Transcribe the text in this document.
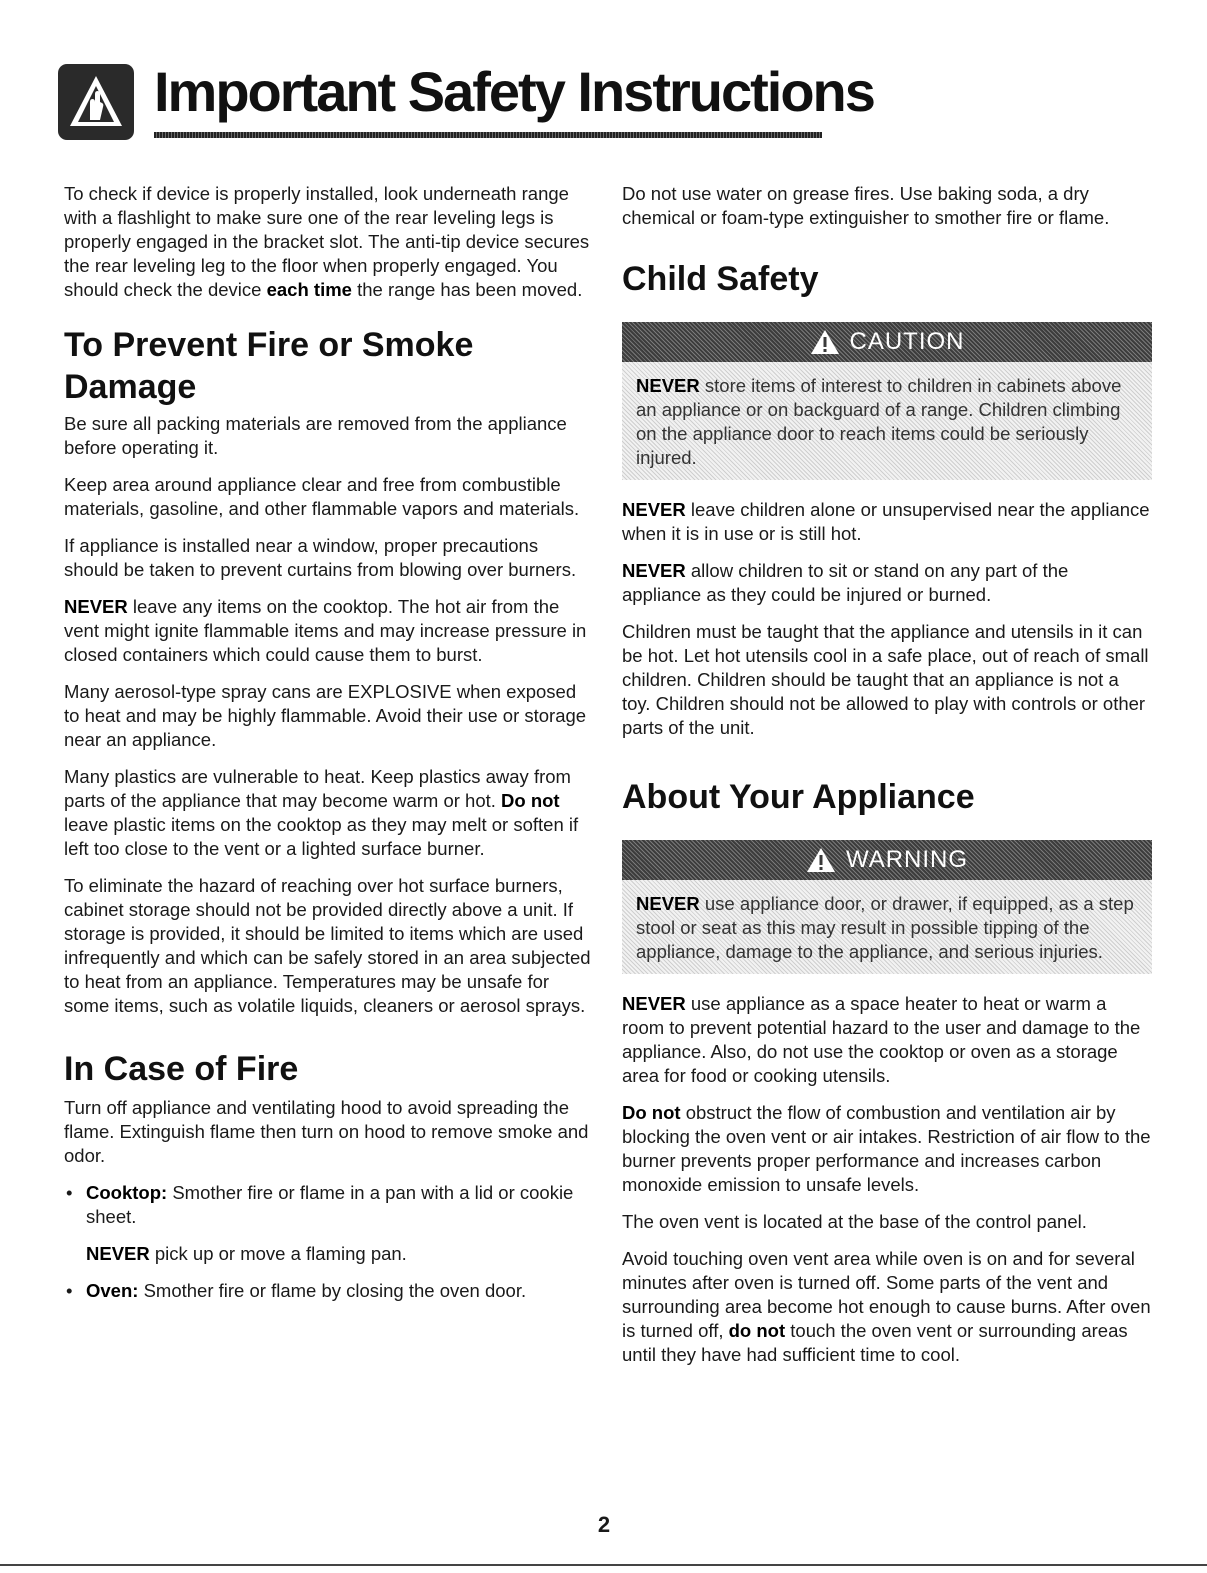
Important Safety Instructions

To check if device is properly installed, look underneath range with a flashlight to make sure one of the rear leveling legs is properly engaged in the bracket slot. The anti-tip device secures the rear leveling leg to the floor when properly engaged. You should check the device each time the range has been moved.

To Prevent Fire or Smoke Damage

Be sure all packing materials are removed from the appliance before operating it.

Keep area around appliance clear and free from combustible materials, gasoline, and other flammable vapors and materials.

If appliance is installed near a window, proper precautions should be taken to prevent curtains from blowing over burners.

NEVER leave any items on the cooktop. The hot air from the vent might ignite flammable items and may increase pressure in closed containers which could cause them to burst.

Many aerosol-type spray cans are EXPLOSIVE when exposed to heat and may be highly flammable. Avoid their use or storage near an appliance.

Many plastics are vulnerable to heat. Keep plastics away from parts of the appliance that may become warm or hot. Do not leave plastic items on the cooktop as they may melt or soften if left too close to the vent or a lighted surface burner.

To eliminate the hazard of reaching over hot surface burners, cabinet storage should not be provided directly above a unit. If storage is provided, it should be limited to items which are used infrequently and which can be safely stored in an area subjected to heat from an appliance. Temperatures may be unsafe for some items, such as volatile liquids, cleaners or aerosol sprays.

In Case of Fire

Turn off appliance and ventilating hood to avoid spreading the flame. Extinguish flame then turn on hood to remove smoke and odor.

• Cooktop: Smother fire or flame in a pan with a lid or cookie sheet.

NEVER pick up or move a flaming pan.

• Oven: Smother fire or flame by closing the oven door.

Do not use water on grease fires. Use baking soda, a dry chemical or foam-type extinguisher to smother fire or flame.

Child Safety
CAUTION
NEVER store items of interest to children in cabinets above an appliance or on backguard of a range. Children climbing on the appliance door to reach items could be seriously injured.

NEVER leave children alone or unsupervised near the appliance when it is in use or is still hot.

NEVER allow children to sit or stand on any part of the appliance as they could be injured or burned.

Children must be taught that the appliance and utensils in it can be hot. Let hot utensils cool in a safe place, out of reach of small children. Children should be taught that an appliance is not a toy. Children should not be allowed to play with controls or other parts of the unit.

About Your Appliance
WARNING
NEVER use appliance door, or drawer, if equipped, as a step stool or seat as this may result in possible tipping of the appliance, damage to the appliance, and serious injuries.

NEVER use appliance as a space heater to heat or warm a room to prevent potential hazard to the user and damage to the appliance. Also, do not use the cooktop or oven as a storage area for food or cooking utensils.

Do not obstruct the flow of combustion and ventilation air by blocking the oven vent or air intakes. Restriction of air flow to the burner prevents proper performance and increases carbon monoxide emission to unsafe levels.

The oven vent is located at the base of the control panel.

Avoid touching oven vent area while oven is on and for several minutes after oven is turned off. Some parts of the vent and surrounding area become hot enough to cause burns. After oven is turned off, do not touch the oven vent or surrounding areas until they have had sufficient time to cool.

2
